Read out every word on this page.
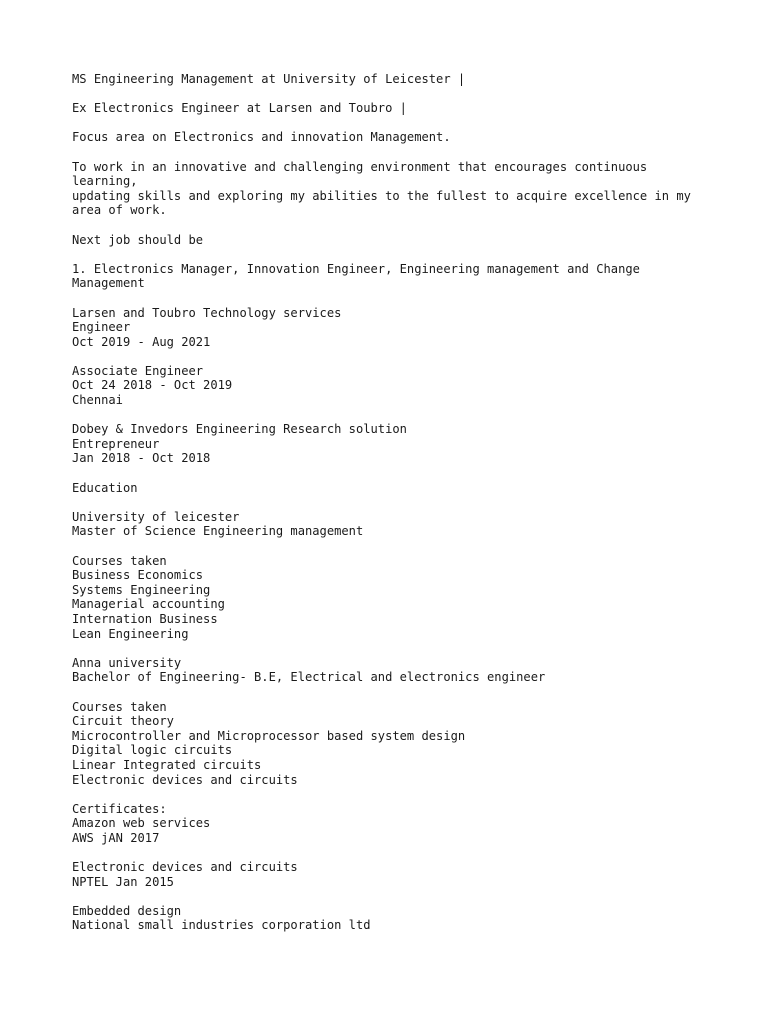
MS Engineering Management at University of Leicester |
Ex Electronics Engineer at Larsen and Toubro |
Focus area on Electronics and innovation Management.
To work in an innovative and challenging environment that encourages continuous learning,
updating skills and exploring my abilities to the fullest to acquire excellence in my area of work.
Next job should be
1. Electronics Manager, Innovation Engineer, Engineering management and Change Management
Larsen and Toubro Technology services
Engineer
Oct 2019 - Aug 2021
Associate Engineer
Oct 24 2018 - Oct 2019
Chennai
Dobey & Invedors Engineering Research solution
Entrepreneur
Jan 2018 - Oct 2018
Education
University of leicester
Master of Science Engineering management
Courses taken
Business Economics
Systems Engineering
Managerial accounting
Internation Business
Lean Engineering
Anna university
Bachelor of Engineering- B.E, Electrical and electronics engineer
Courses taken
Circuit theory
Microcontroller and Microprocessor based system design
Digital logic circuits
Linear Integrated circuits
Electronic devices and circuits
Certificates:
Amazon web services
AWS jAN 2017
Electronic devices and circuits
NPTEL Jan 2015
Embedded design
National small industries corporation ltd
